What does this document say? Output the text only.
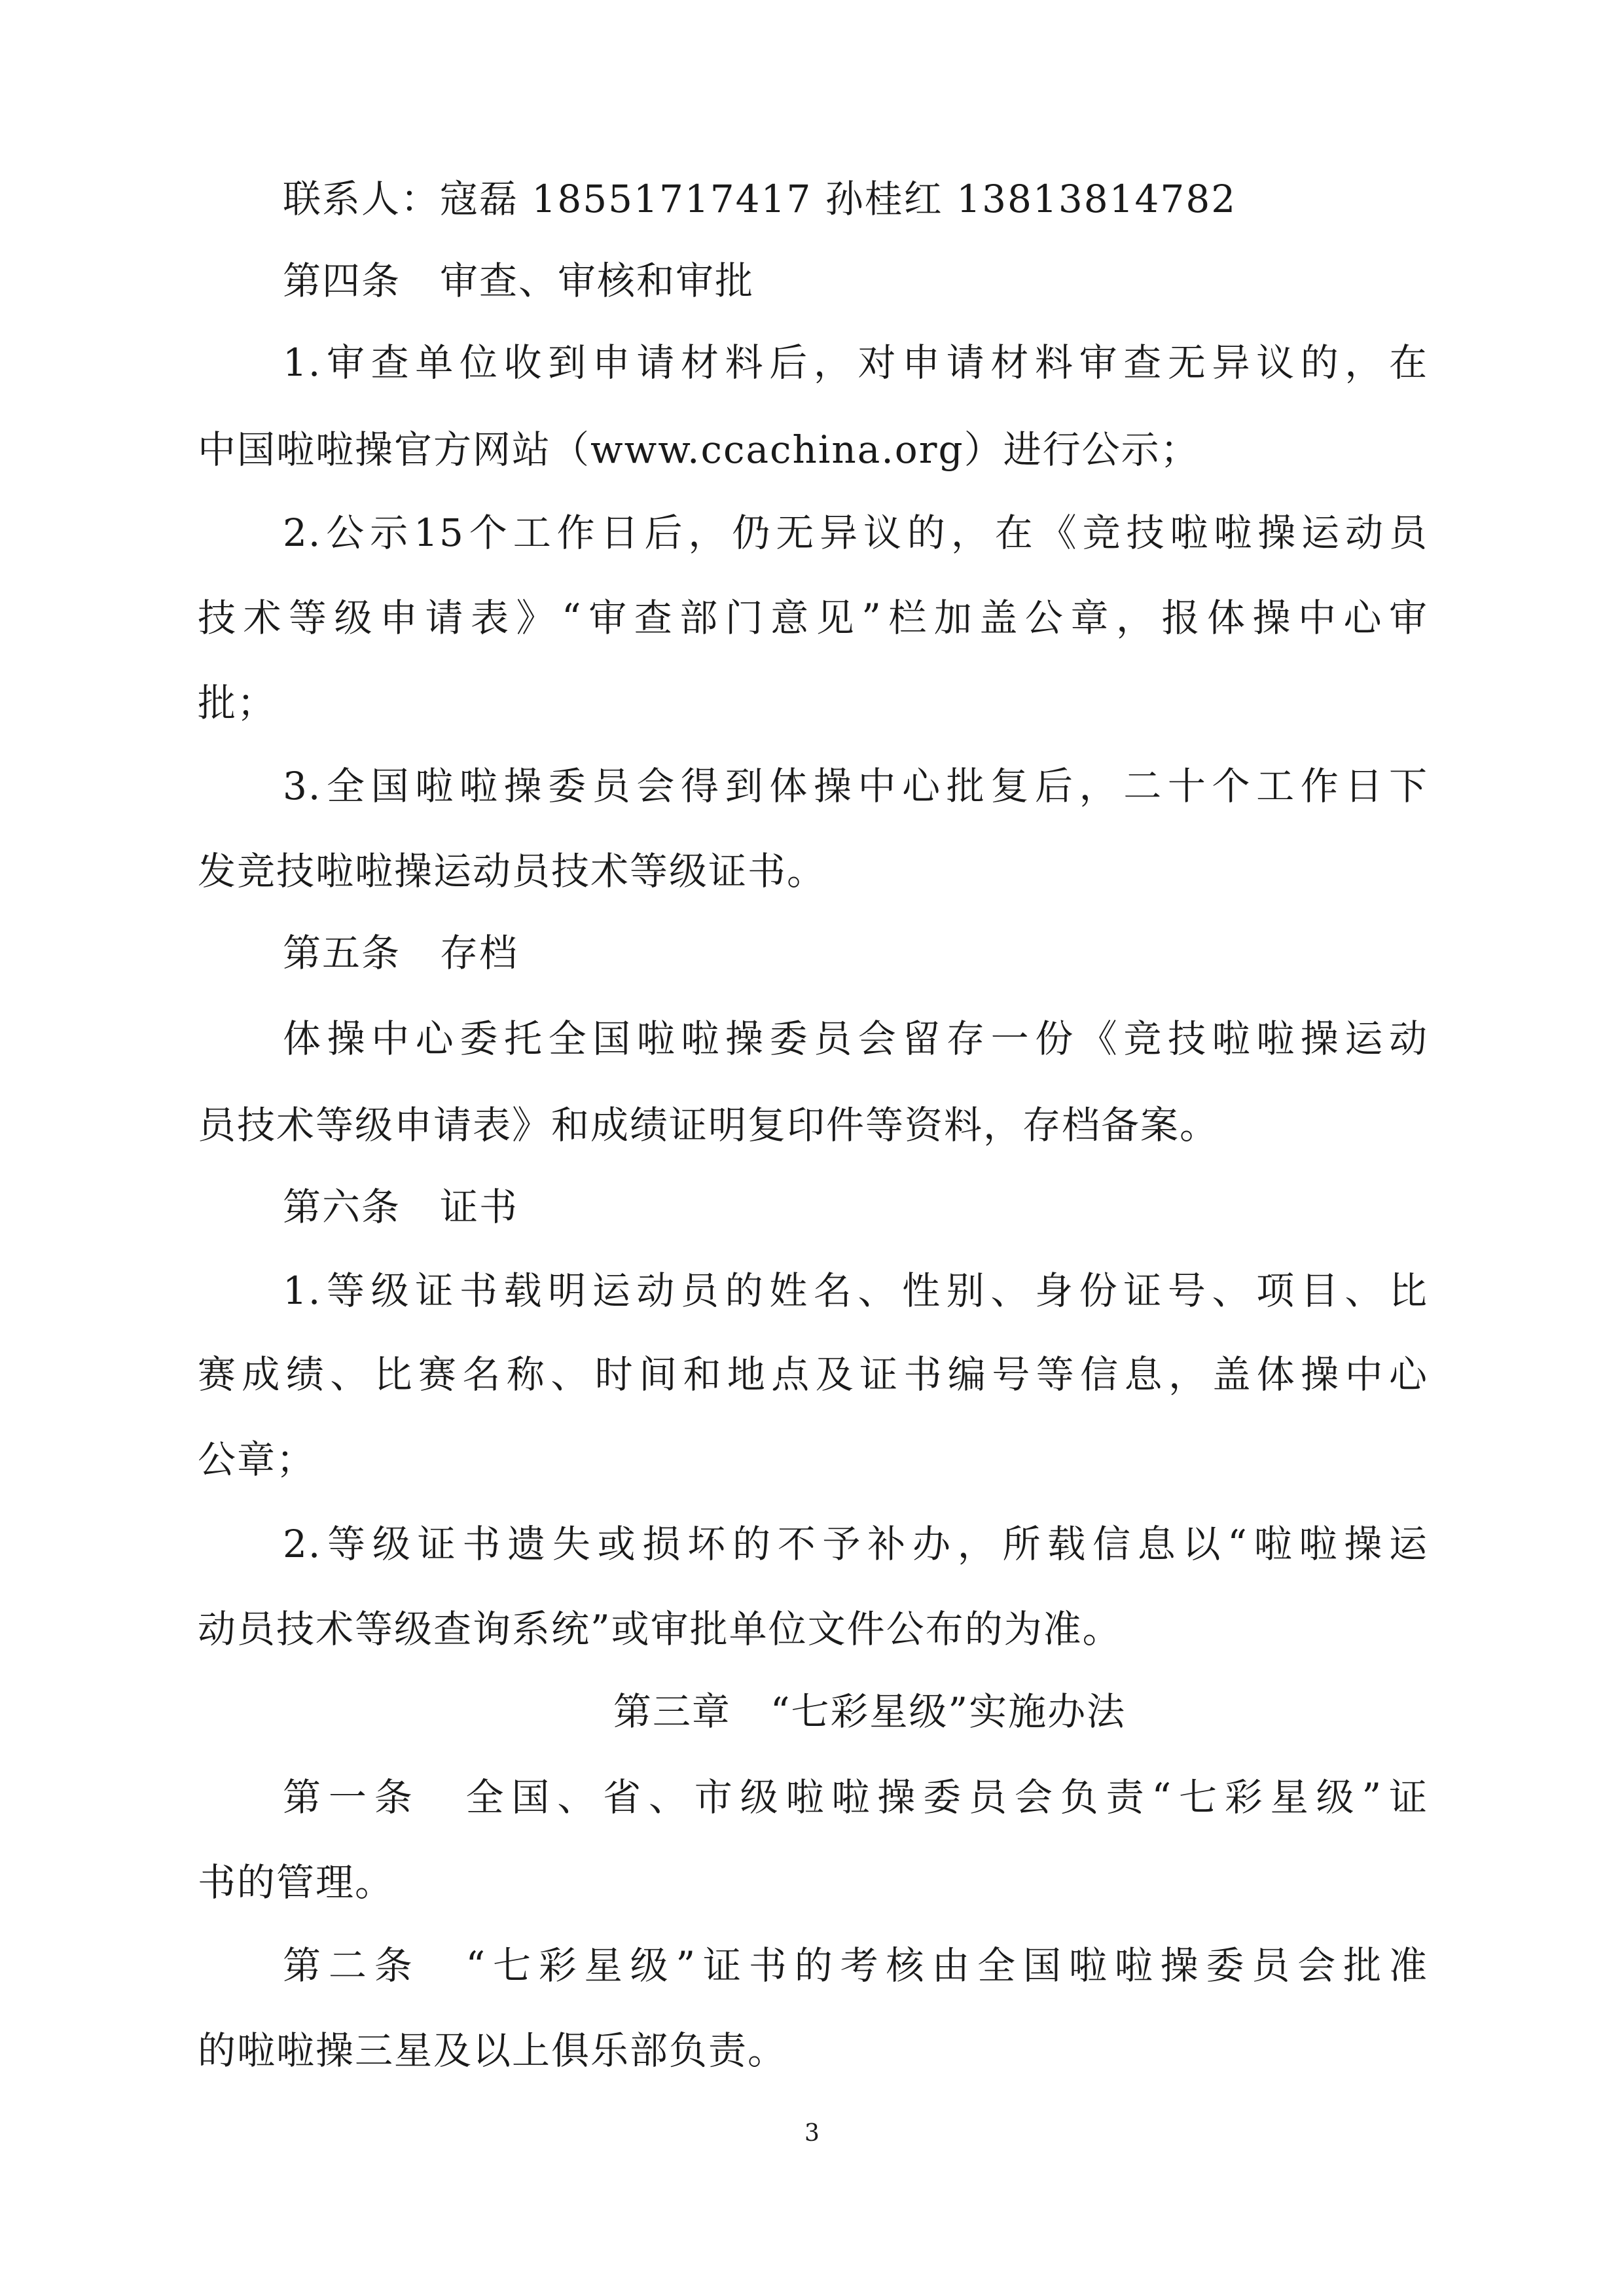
联系人：寇磊 18551717417 孙桂红 13813814782
第四条　审查、审核和审批
1.审查单位收到申请材料后，对申请材料审查无异议的，在
中国啦啦操官方网站（www.ccachina.org）进行公示；
2.公示15个工作日后，仍无异议的，在《竞技啦啦操运动员
技术等级申请表》“审查部门意见”栏加盖公章，报体操中心审
批；
3.全国啦啦操委员会得到体操中心批复后，二十个工作日下
发竞技啦啦操运动员技术等级证书。
第五条　存档
体操中心委托全国啦啦操委员会留存一份《竞技啦啦操运动
员技术等级申请表》和成绩证明复印件等资料，存档备案。
第六条　证书
1.等级证书载明运动员的姓名、性别、身份证号、项目、比
赛成绩、比赛名称、时间和地点及证书编号等信息，盖体操中心
公章；
2.等级证书遗失或损坏的不予补办，所载信息以“啦啦操运
动员技术等级查询系统”或审批单位文件公布的为准。
第三章　“七彩星级”实施办法
第一条　全国、省、市级啦啦操委员会负责“七彩星级”证
书的管理。
第二条　“七彩星级”证书的考核由全国啦啦操委员会批准
的啦啦操三星及以上俱乐部负责。
3
